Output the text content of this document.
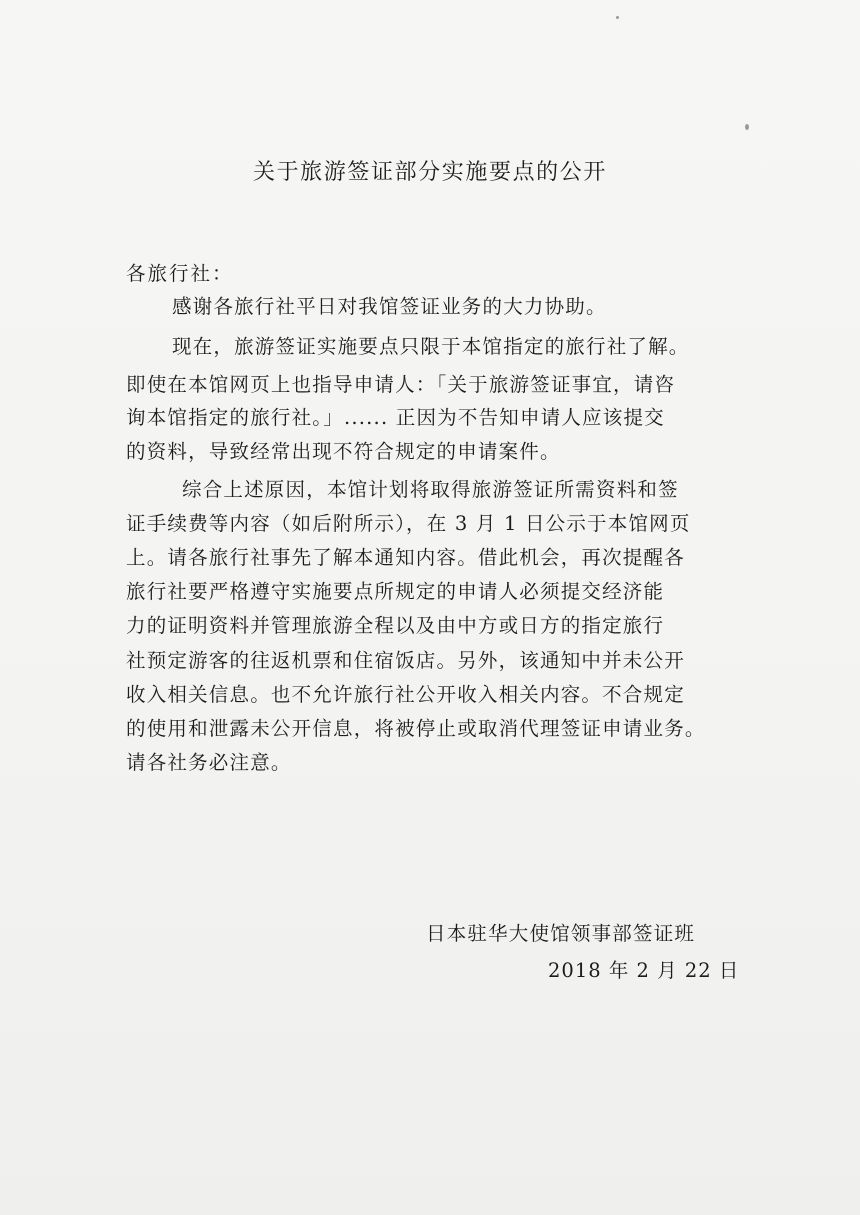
关于旅游签证部分实施要点的公开
各旅行社：
感谢各旅行社平日对我馆签证业务的大力协助。
现在，旅游签证实施要点只限于本馆指定的旅行社了解。
即使在本馆网页上也指导申请人：「关于旅游签证事宜，请咨
询本馆指定的旅行社。」...... 正因为不告知申请人应该提交
的资料，导致经常出现不符合规定的申请案件。
综合上述原因，本馆计划将取得旅游签证所需资料和签
证手续费等内容（如后附所示），在 3 月 1 日公示于本馆网页
上。请各旅行社事先了解本通知内容。借此机会，再次提醒各
旅行社要严格遵守实施要点所规定的申请人必须提交经济能
力的证明资料并管理旅游全程以及由中方或日方的指定旅行
社预定游客的往返机票和住宿饭店。另外，该通知中并未公开
收入相关信息。也不允许旅行社公开收入相关内容。不合规定
的使用和泄露未公开信息，将被停止或取消代理签证申请业务。
请各社务必注意。
日本驻华大使馆领事部签证班
2018 年 2 月 22 日
